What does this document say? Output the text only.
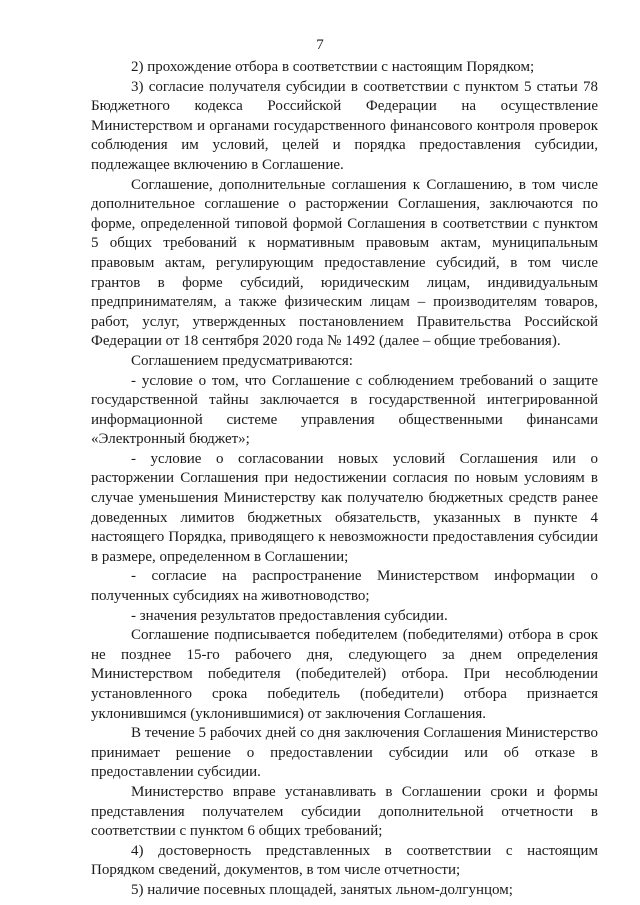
7

2) прохождение отбора в соответствии с настоящим Порядком;

3) согласие получателя субсидии в соответствии с пунктом 5 статьи 78 Бюджетного кодекса Российской Федерации на осуществление Министерством и органами государственного финансового контроля проверок соблюдения им условий, целей и порядка предоставления субсидии, подлежащее включению в Соглашение.

Соглашение, дополнительные соглашения к Соглашению, в том числе дополнительное соглашение о расторжении Соглашения, заключаются по форме, определенной типовой формой Соглашения в соответствии с пунктом 5 общих требований к нормативным правовым актам, муниципальным правовым актам, регулирующим предоставление субсидий, в том числе грантов в форме субсидий, юридическим лицам, индивидуальным предпринимателям, а также физическим лицам – производителям товаров, работ, услуг, утвержденных постановлением Правительства Российской Федерации от 18 сентября 2020 года № 1492 (далее – общие требования).

Соглашением предусматриваются:

- условие о том, что Соглашение с соблюдением требований о защите государственной тайны заключается в государственной интегрированной информационной системе управления общественными финансами «Электронный бюджет»;

- условие о согласовании новых условий Соглашения или о расторжении Соглашения при недостижении согласия по новым условиям в случае уменьшения Министерству как получателю бюджетных средств ранее доведенных лимитов бюджетных обязательств, указанных в пункте 4 настоящего Порядка, приводящего к невозможности предоставления субсидии в размере, определенном в Соглашении;

- согласие на распространение Министерством информации о полученных субсидиях на животноводство;

- значения результатов предоставления субсидии.

Соглашение подписывается победителем (победителями) отбора в срок не позднее 15-го рабочего дня, следующего за днем определения Министерством победителя (победителей) отбора. При несоблюдении установленного срока победитель (победители) отбора признается уклонившимся (уклонившимися) от заключения Соглашения.

В течение 5 рабочих дней со дня заключения Соглашения Министерство принимает решение о предоставлении субсидии или об отказе в предоставлении субсидии.

Министерство вправе устанавливать в Соглашении сроки и формы представления получателем субсидии дополнительной отчетности в соответствии с пунктом 6 общих требований;

4) достоверность представленных в соответствии с настоящим Порядком сведений, документов, в том числе отчетности;

5) наличие посевных площадей, занятых льном-долгунцом;
